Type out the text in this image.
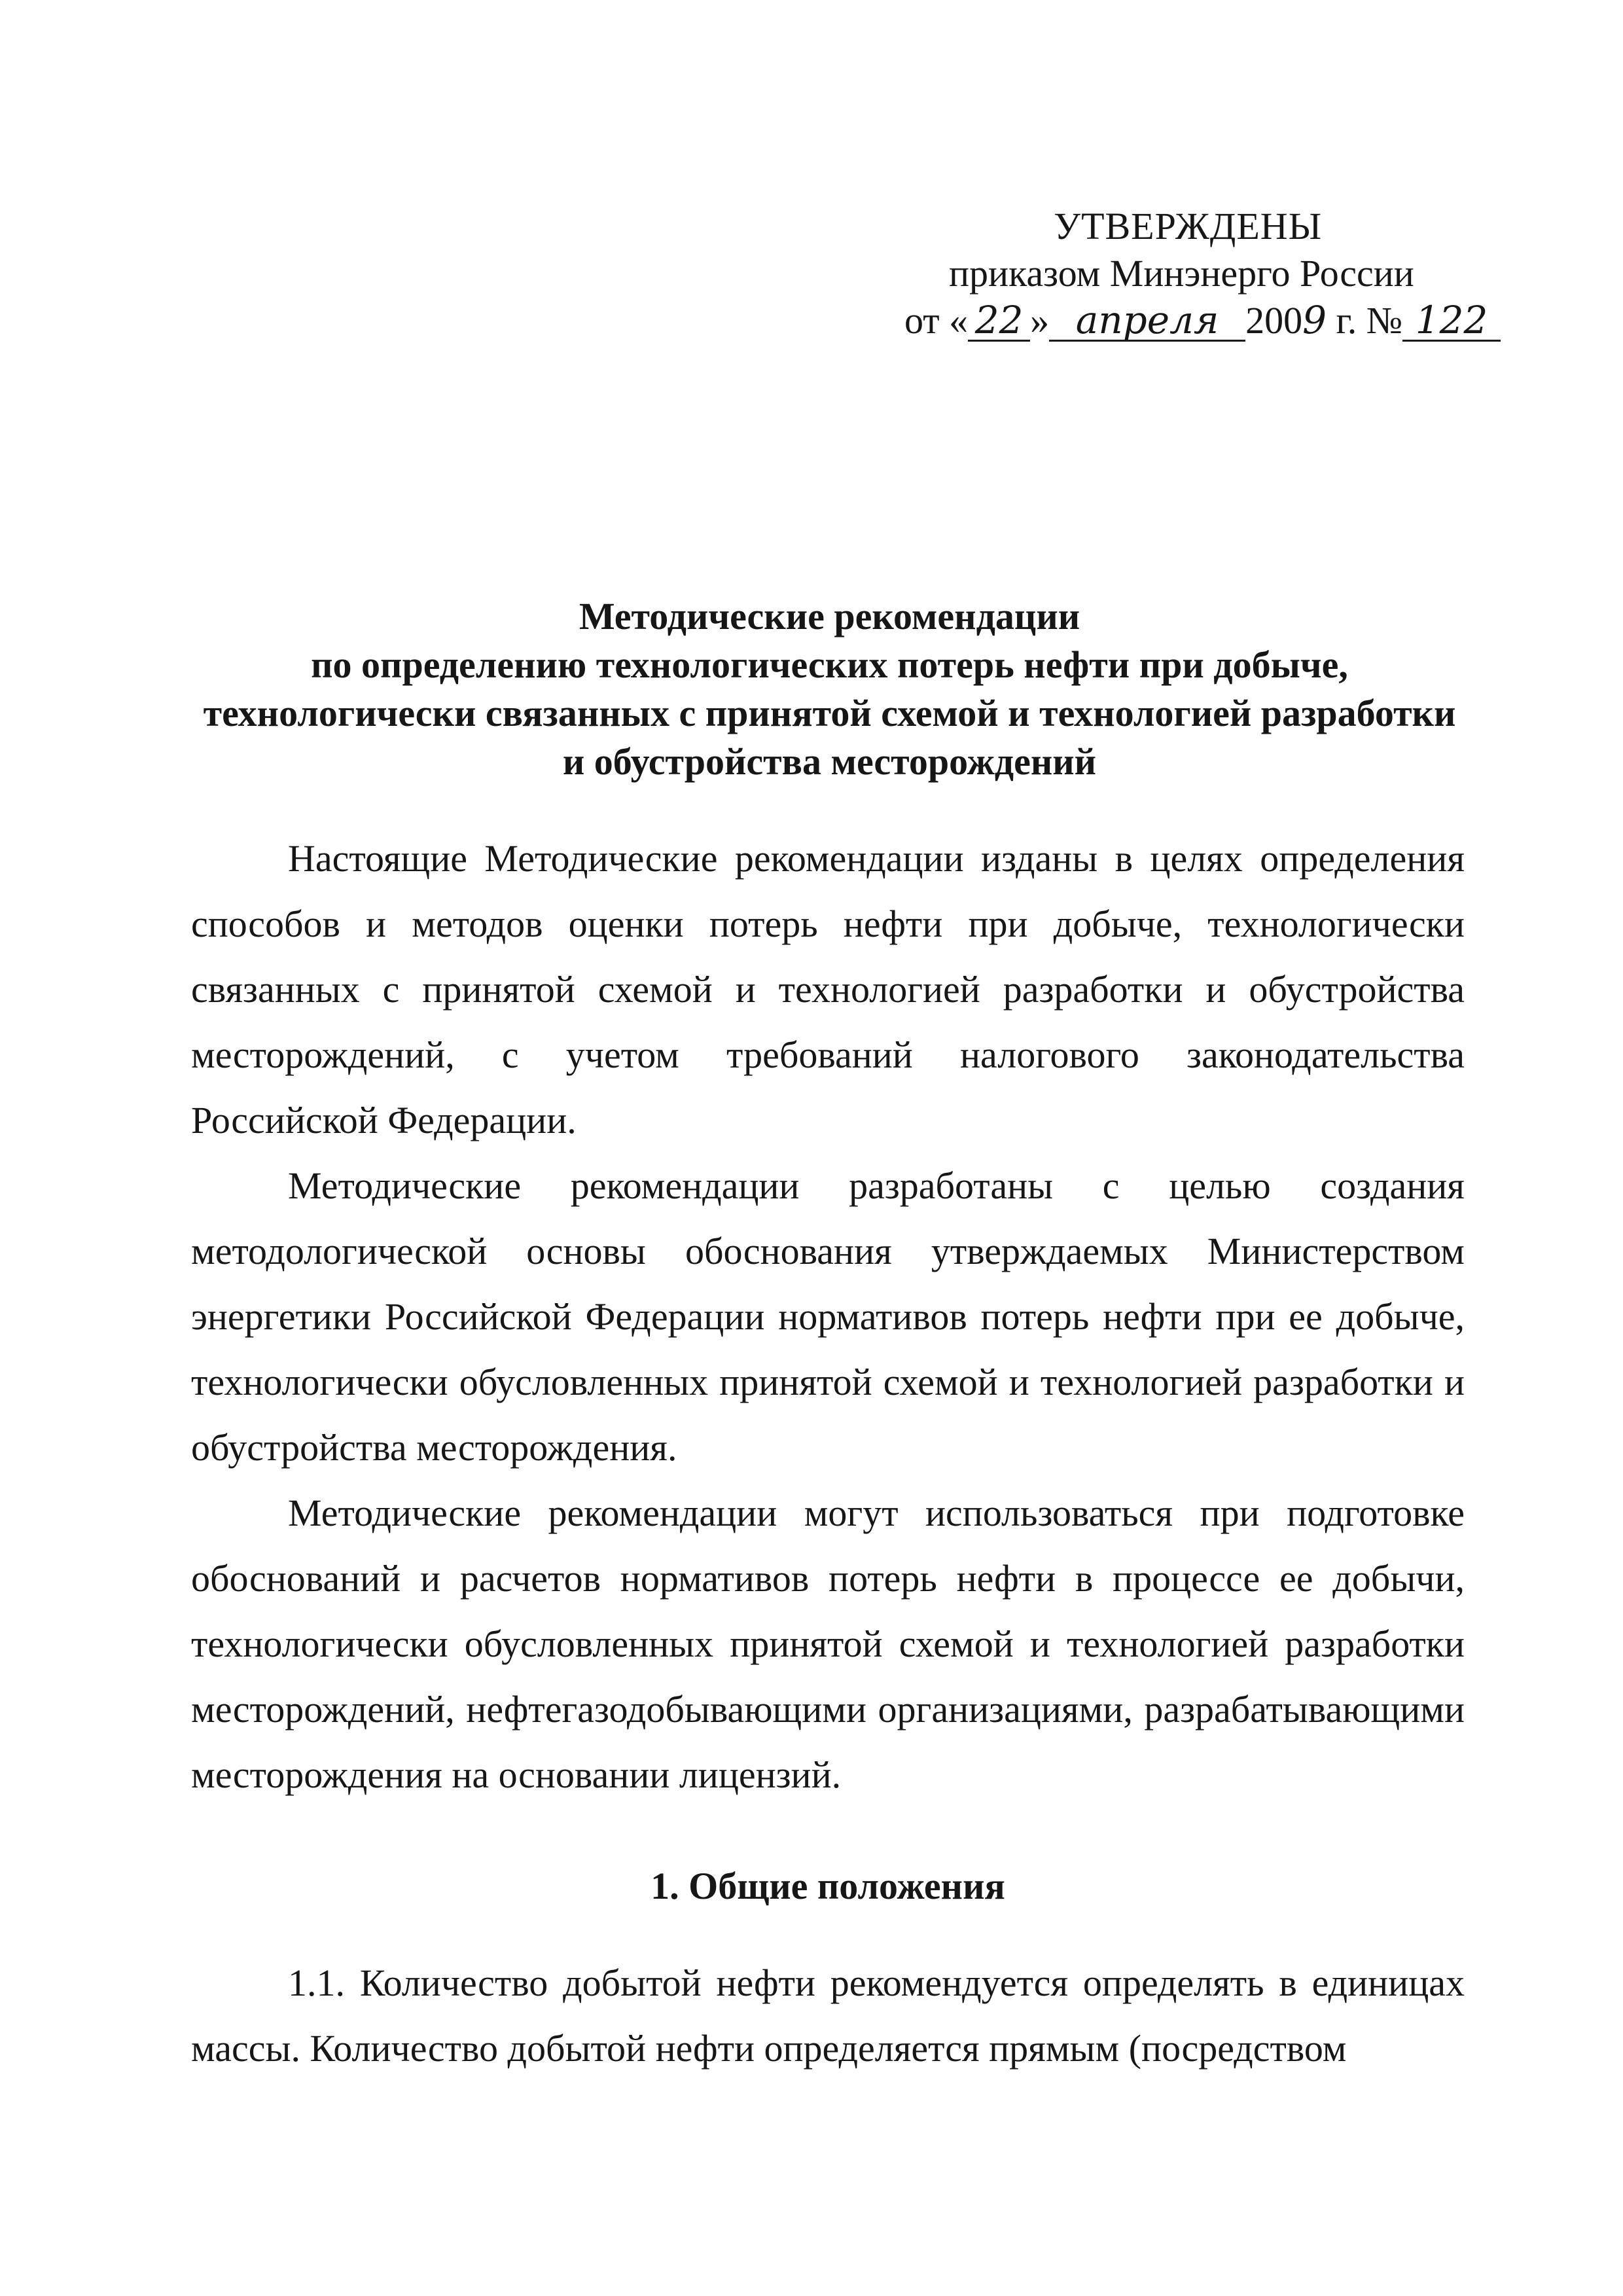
УТВЕРЖДЕНЫ
приказом Минэнерго России
от « 22 » апреля 2009 г. № 122
Методические рекомендации
по определению технологических потерь нефти при добыче,
технологически связанных с принятой схемой и технологией разработки
и обустройства месторождений

Настоящие Методические рекомендации изданы в целях определения способов и методов оценки потерь нефти при добыче, технологически связанных с принятой схемой и технологией разработки и обустройства месторождений, с учетом требований налогового законодательства Российской Федерации.

Методические рекомендации разработаны с целью создания методологической основы обоснования утверждаемых Министерством энергетики Российской Федерации нормативов потерь нефти при ее добыче, технологически обусловленных принятой схемой и технологией разработки и обустройства месторождения.

Методические рекомендации могут использоваться при подготовке обоснований и расчетов нормативов потерь нефти в процессе ее добычи, технологически обусловленных принятой схемой и технологией разработки месторождений, нефтегазодобывающими организациями, разрабатывающими месторождения на основании лицензий.

1. Общие положения

1.1. Количество добытой нефти рекомендуется определять в единицах массы. Количество добытой нефти определяется прямым (посредством
